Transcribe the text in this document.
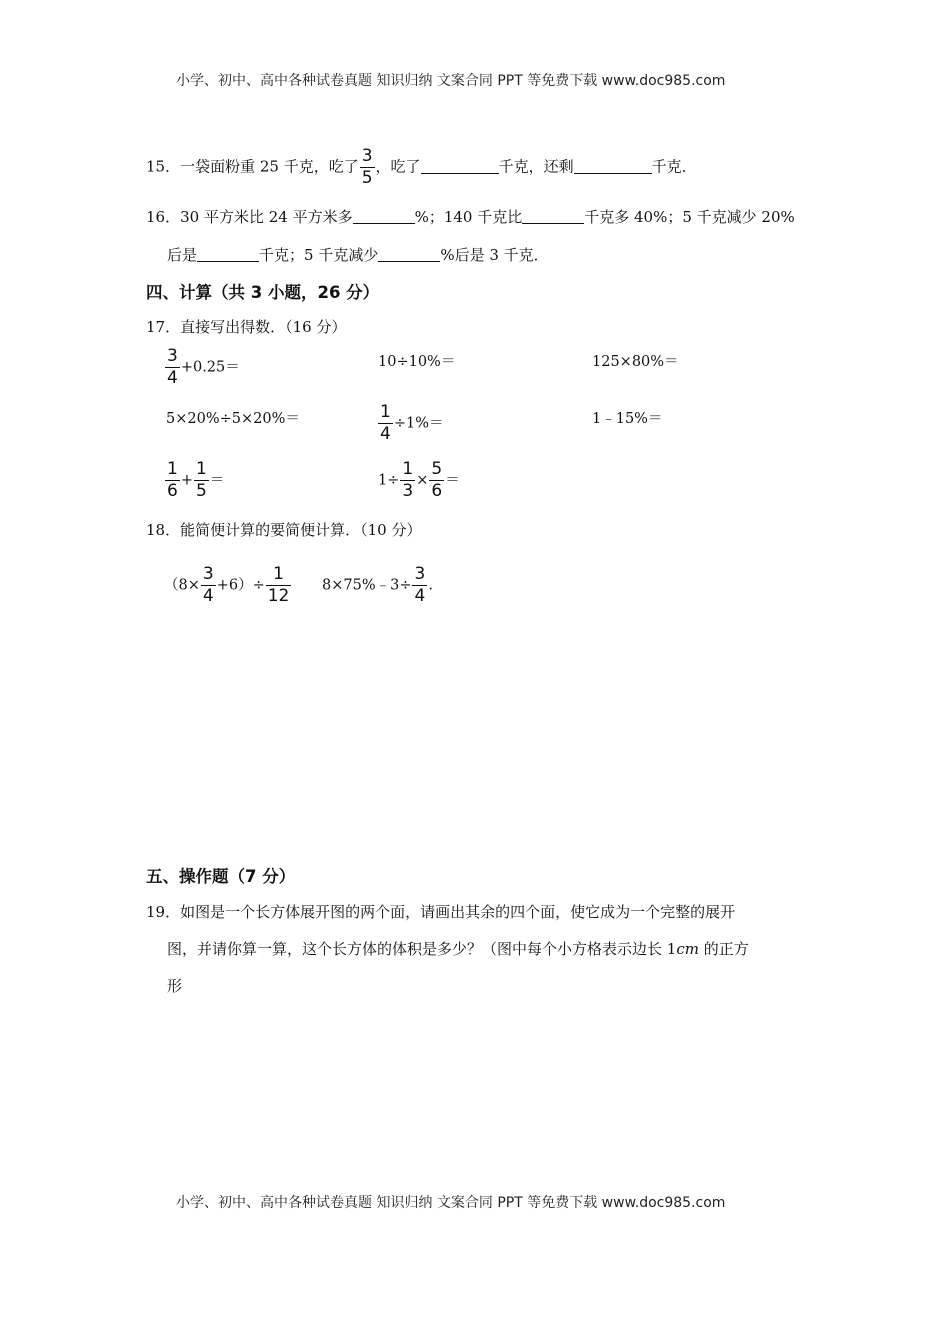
小学、初中、高中各种试卷真题 知识归纳 文案合同 PPT 等免费下载 www.doc985.com
15．一袋面粉重 25 千克，吃了 $\frac{3}{5}$ ，吃了	千克，还剩	千克．
16．30 平方米比 24 平方米多	%；140 千克比	千克多 40%；5 千克减少 20%
后是	千克；5 千克减少	%后是 3 千克．
四、计算（共 3 小题，26 分）
17．直接写出得数．（16 分）
$\frac{3}{4} +0.25=$	10÷10%＝	125×80%＝
5×20%÷5×20%＝	$\frac{1}{4} \div 1\%=$	1﹣15%＝
$\frac{1}{6} + \frac{1}{5}$ ＝	$1\div \frac{1}{3} \times \frac{5}{6}$ ＝
18．能简便计算的要简便计算．（10 分）
$(8\times \frac{3}{4} +6)\div \frac{1}{12}$ 8×75%﹣3÷ $\frac{3}{4}$ .
五、操作题（7 分）
19．如图是一个长方体展开图的两个面，请画出其余的四个面，使它成为一个完整的展开
图，并请你算一算，这个长方体的体积是多少？（图中每个小方格表示边长 1cm 的正方
形
小学、初中、高中各种试卷真题 知识归纳 文案合同 PPT 等免费下载 www.doc985.com
